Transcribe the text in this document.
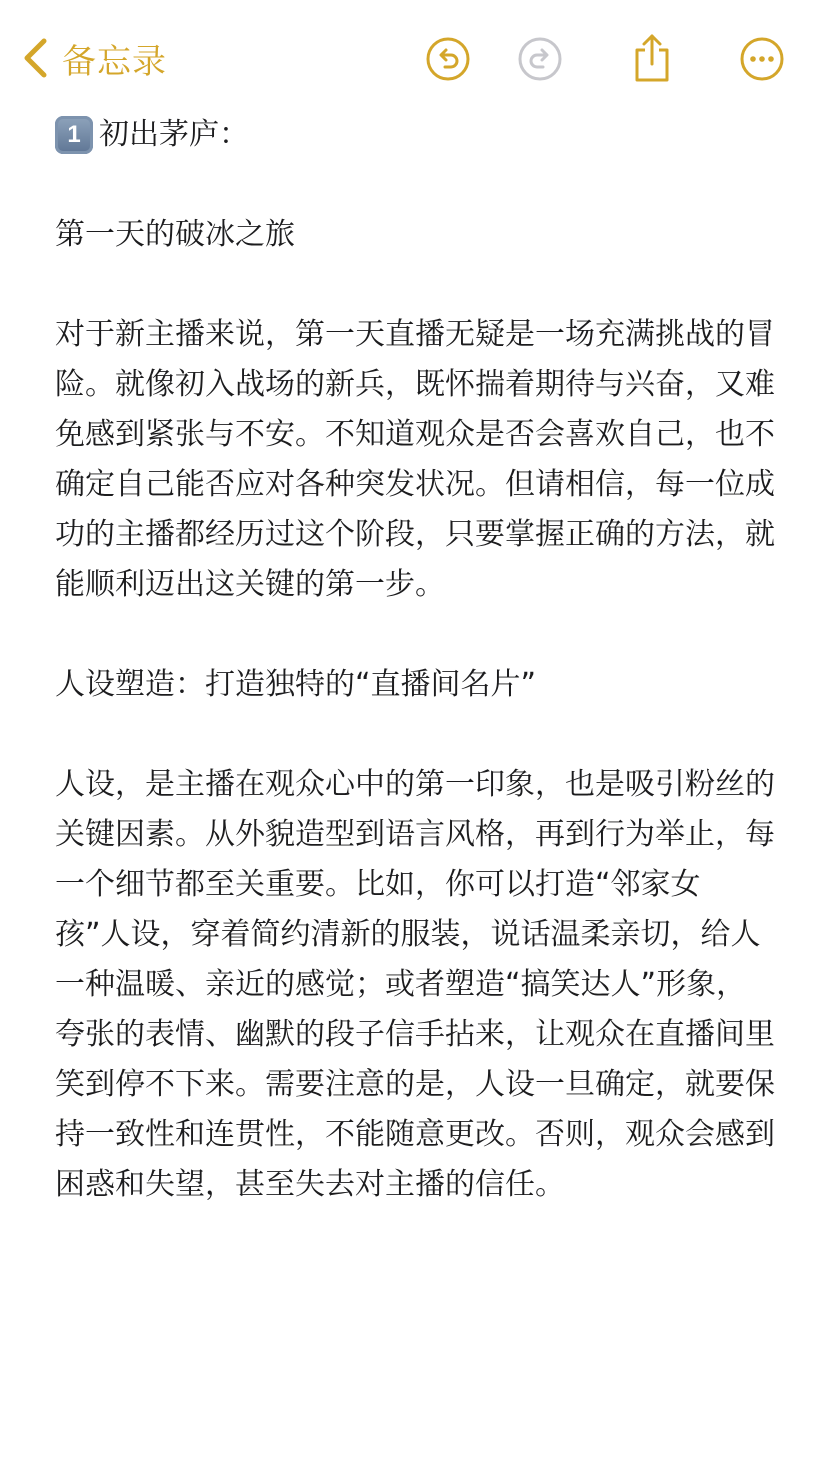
备忘录
1 初出茅庐：

第一天的破冰之旅

对于新主播来说，第一天直播无疑是一场充满挑战的冒险。就像初入战场的新兵，既怀揣着期待与兴奋，又难免感到紧张与不安。不知道观众是否会喜欢自己，也不确定自己能否应对各种突发状况。但请相信，每一位成功的主播都经历过这个阶段，只要掌握正确的方法，就能顺利迈出这关键的第一步。

人设塑造：打造独特的“直播间名片”

人设，是主播在观众心中的第一印象，也是吸引粉丝的关键因素。从外貌造型到语言风格，再到行为举止，每一个细节都至关重要。比如，你可以打造“邻家女孩”人设，穿着简约清新的服装，说话温柔亲切，给人一种温暖、亲近的感觉；或者塑造“搞笑达人”形象，夸张的表情、幽默的段子信手拈来，让观众在直播间里笑到停不下来。需要注意的是，人设一旦确定，就要保持一致性和连贯性，不能随意更改。否则，观众会感到困惑和失望，甚至失去对主播的信任。
